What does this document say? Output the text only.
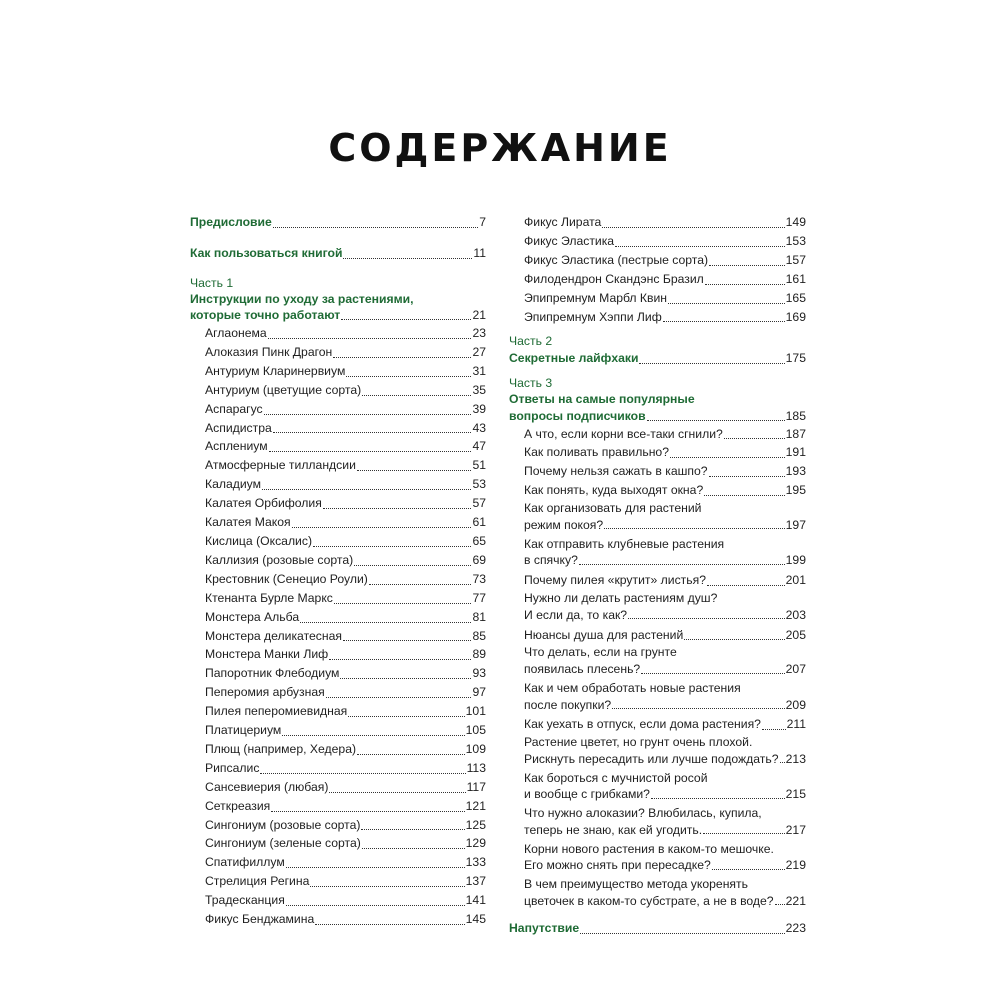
СОДЕРЖАНИЕ
Предисловие	7
Как пользоваться книгой	11
Часть 1
Инструкции по уходу за растениями,
которые точно работают	21
Аглаонема	23
Алоказия Пинк Драгон	27
Антуриум Кларинервиум	31
Антуриум (цветущие сорта)	35
Аспарагус	39
Аспидистра	43
Асплениум	47
Атмосферные тилландсии	51
Каладиум	53
Калатея Орбифолия	57
Калатея Макоя	61
Кислица (Оксалис)	65
Каллизия (розовые сорта)	69
Крестовник (Сенецио Роули)	73
Ктенанта Бурле Маркс	77
Монстера Альба	81
Монстера деликатесная	85
Монстера Манки Лиф	89
Папоротник Флебодиум	93
Пеперомия арбузная	97
Пилея пеперомиевидная	101
Платицериум	105
Плющ (например, Хедера)	109
Рипсалис	113
Сансевиерия (любая)	117
Сеткреазия	121
Сингониум (розовые сорта)	125
Сингониум (зеленые сорта)	129
Спатифиллум	133
Стрелиция Регина	137
Традесканция	141
Фикус Бенджамина	145
Фикус Лирата	149
Фикус Эластика	153
Фикус Эластика (пестрые сорта)	157
Филодендрон Скандэнс Бразил	161
Эпипремнум Марбл Квин	165
Эпипремнум Хэппи Лиф	169
Часть 2
Секретные лайфхаки	175
Часть 3
Ответы на самые популярные
вопросы подписчиков	185
А что, если корни все-таки сгнили?	187
Как поливать правильно?	191
Почему нельзя сажать в кашпо?	193
Как понять, куда выходят окна?	195
Как организовать для растений
режим покоя?	197
Как отправить клубневые растения
в спячку?	199
Почему пилея «крутит» листья?	201
Нужно ли делать растениям душ?
И если да, то как?	203
Нюансы душа для растений	205
Что делать, если на грунте
появилась плесень?	207
Как и чем обработать новые растения
после покупки?	209
Как уехать в отпуск, если дома растения? 211
Растение цветет, но грунт очень плохой.
Рискнуть пересадить или лучше подождать? 213
Как бороться с мучнистой росой
и вообще с грибками?	215
Что нужно алоказии? Влюбилась, купила,
теперь не знаю, как ей угодить.	217
Корни нового растения в каком-то мешочке.
Его можно снять при пересадке?	219
В чем преимущество метода укоренять
цветочек в каком-то субстрате, а не в воде? 221
Напутствие	223
